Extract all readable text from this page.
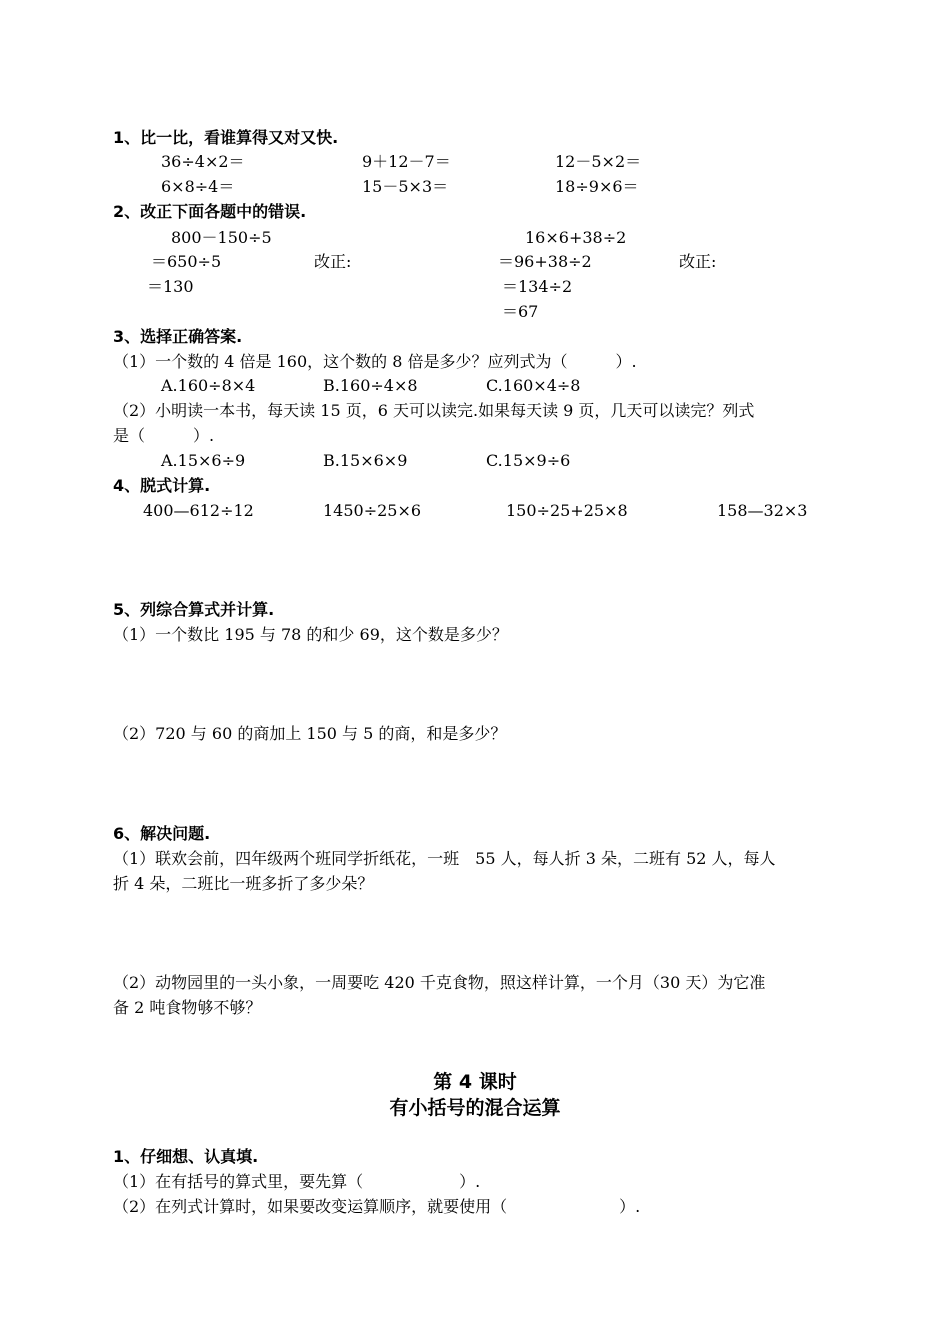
1、比一比，看谁算得又对又快.
36÷4×2＝	9＋12－7＝	12－5×2＝
6×8÷4＝	15－5×3＝	18÷9×6＝
2、改正下面各题中的错误.
800－150÷5
＝650÷5	改正:
＝130
16×6+38÷2
＝96+38÷2	改正:
＝134÷2
＝67
3、选择正确答案.
（1）一个数的 4 倍是 160，这个数的 8 倍是多少？应列式为（　　　）.
A.160÷8×4	B.160÷4×8	C.160×4÷8
（2）小明读一本书，每天读 15 页，6 天可以读完.如果每天读 9 页，几天可以读完？列式
是（　　　）.
A.15×6÷9	B.15×6×9	C.15×9÷6
4、脱式计算.
400—612÷12	1450÷25×6	150÷25+25×8	158—32×3
5、列综合算式并计算.
（1）一个数比 195 与 78 的和少 69，这个数是多少？
（2）720 与 60 的商加上 150 与 5 的商，和是多少？
6、解决问题.
（1）联欢会前，四年级两个班同学折纸花，一班　55 人，每人折 3 朵，二班有 52 人，每人
折 4 朵，二班比一班多折了多少朵？
（2）动物园里的一头小象，一周要吃 420 千克食物，照这样计算，一个月（30 天）为它准
备 2 吨食物够不够？
第 4 课时
有小括号的混合运算
1、仔细想、认真填.
（1）在有括号的算式里，要先算（　　　　　　）.
（2）在列式计算时，如果要改变运算顺序，就要使用（　　　　　　　）.
